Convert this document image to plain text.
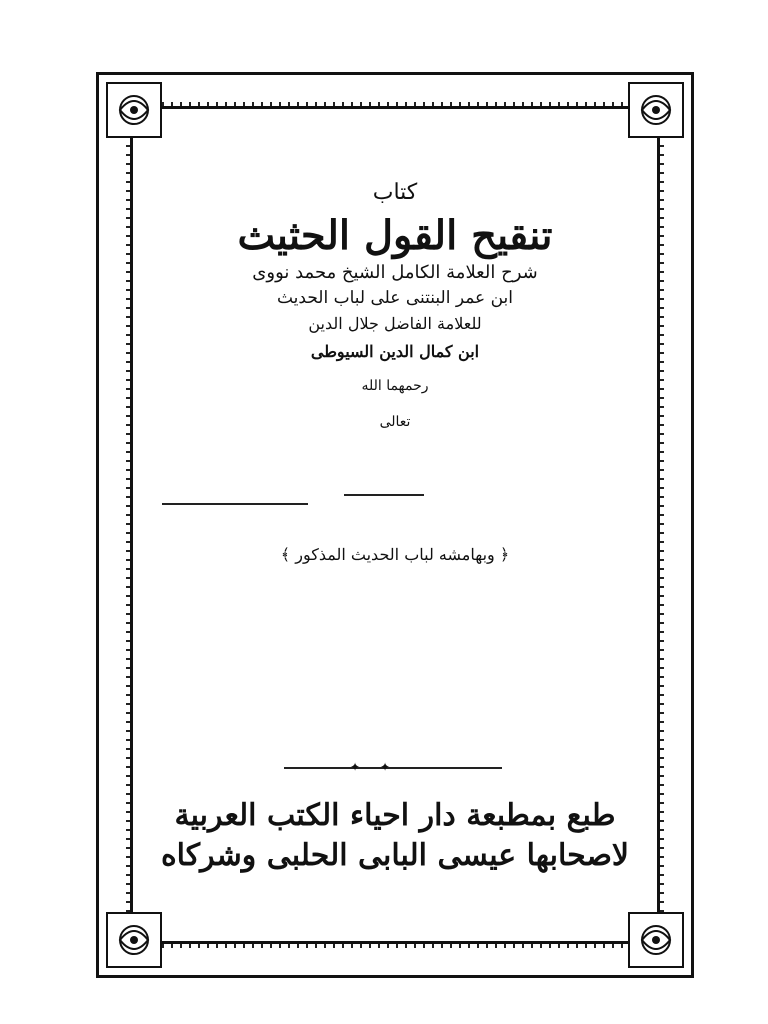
كتاب
تنقيح القول الحثيث
شرح العلامة الكامل الشيخ محمد نووى
ابن عمر البنتنى على لباب الحديث
للعلامة الفاضل جلال الدين
ابن كمال الدين السيوطى
رحمهما الله
تعالى
﴿ وبهامشه لباب الحديث المذكور ﴾
✦ ✦
طبع بمطبعة دار احياء الكتب العربية
لاصحابها عيسى البابى الحلبى وشركاه
